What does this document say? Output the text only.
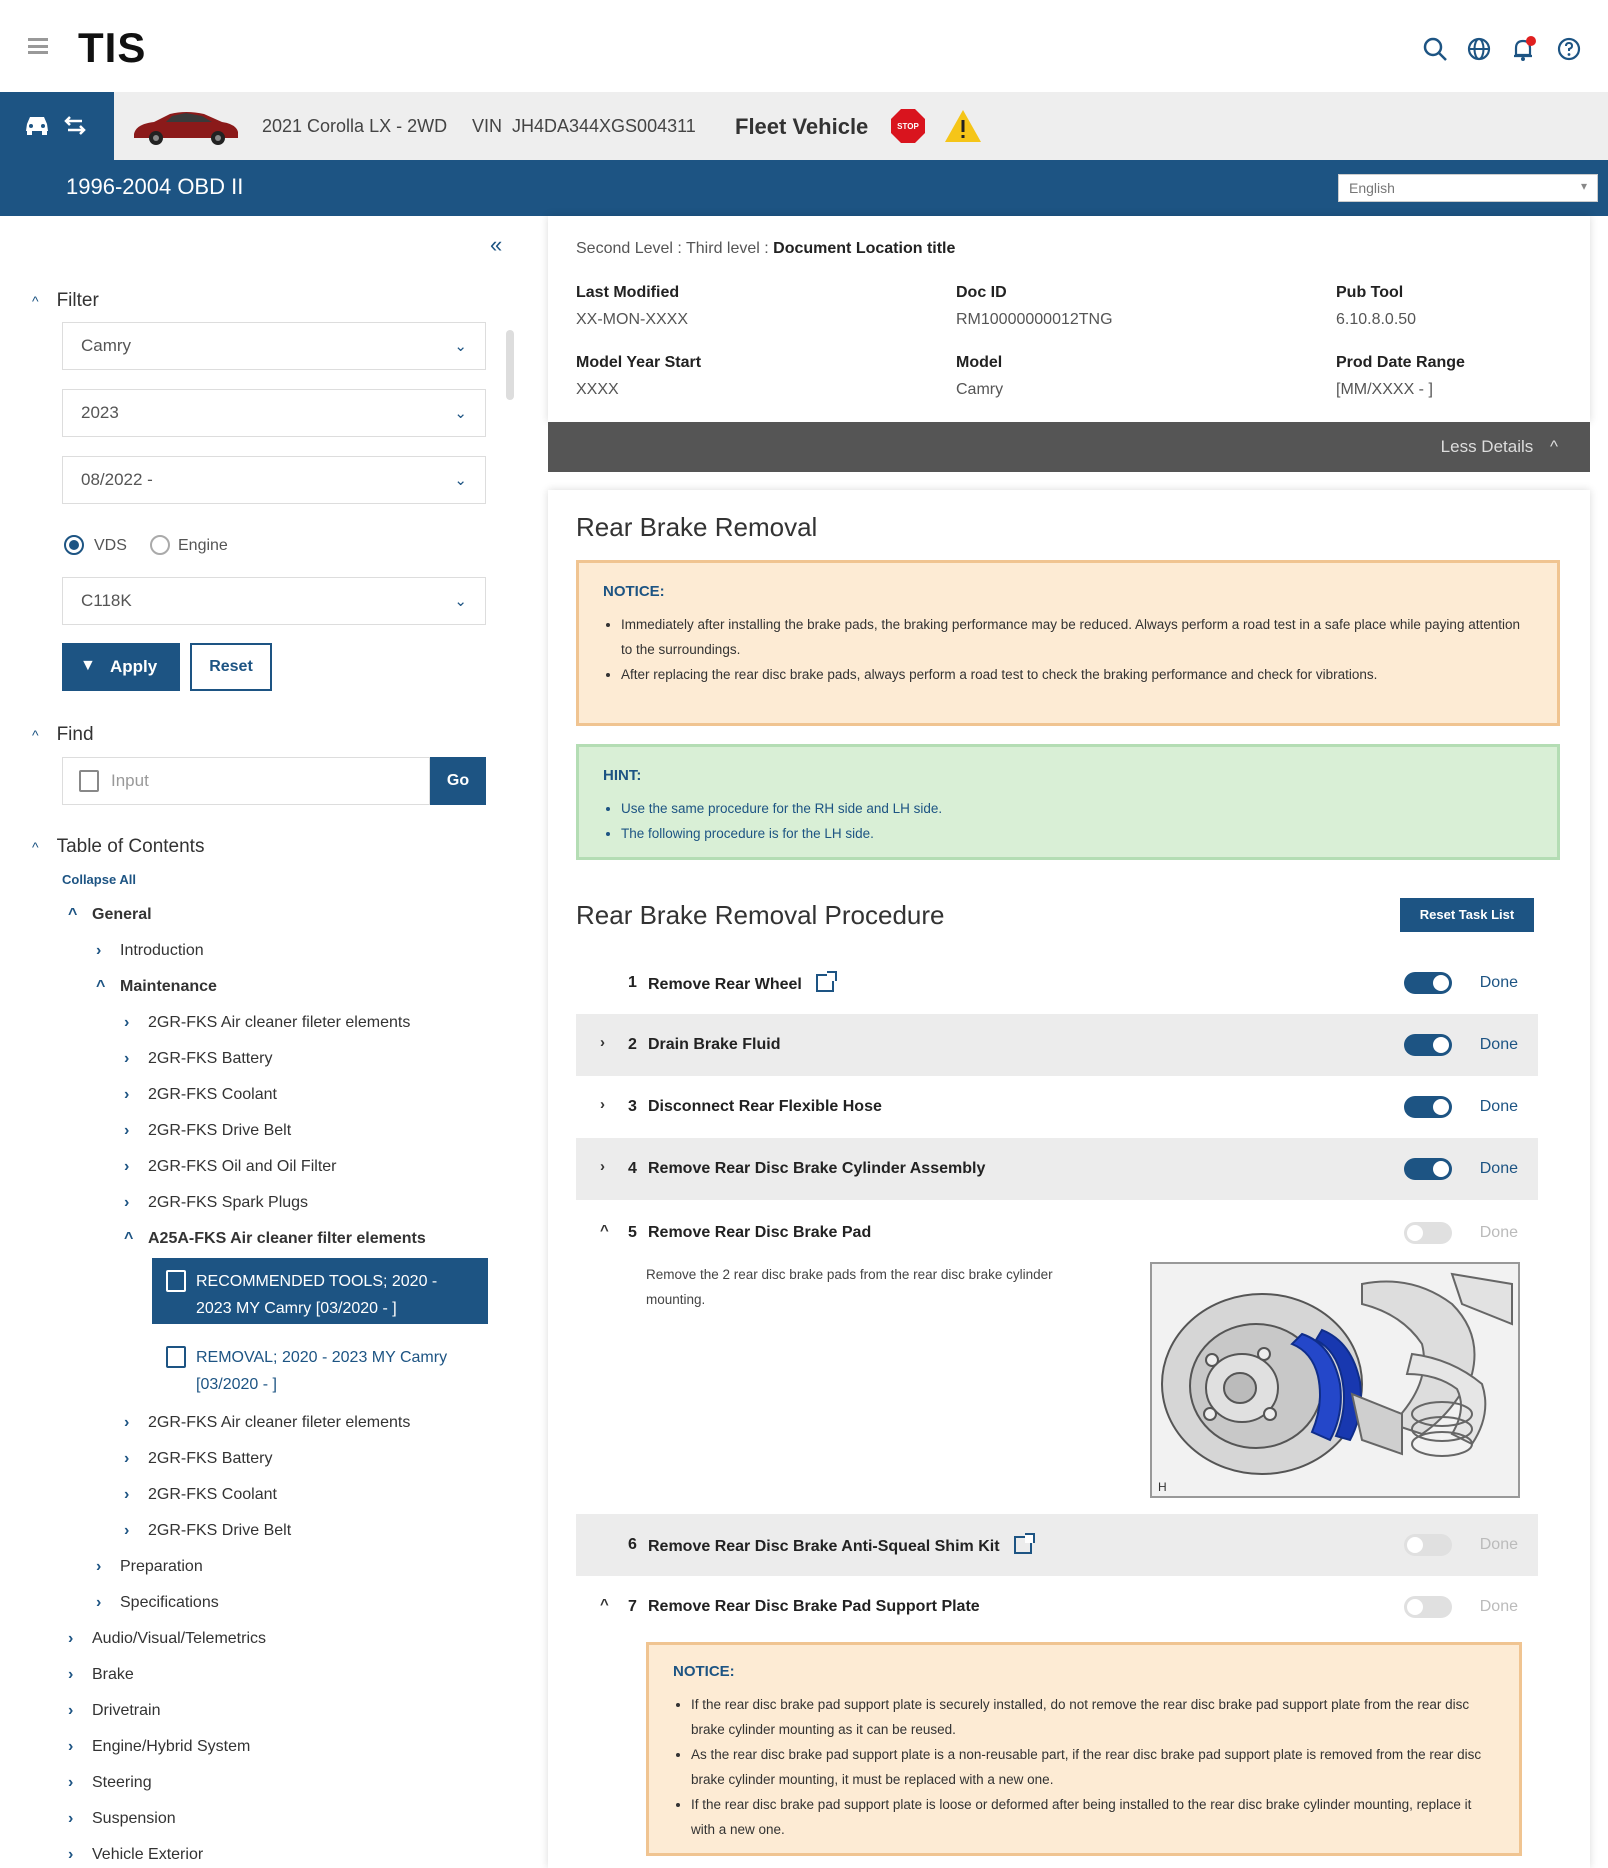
TIS
2021 Corolla LX - 2WD VIN JH4DA344XGS004311 Fleet Vehicle	STOP
1996-2004 OBD II	English	▾
«
^ Filter
Camry	⌄
2023	⌄
08/2022 -	⌄
VDS	Engine
C118K	⌄
▼ Apply	Reset
^ Find
Input	Go
^ Table of Contents
Collapse All
^ General
› Introduction
^ Maintenance
› 2GR-FKS Air cleaner fileter elements
› 2GR-FKS Battery
› 2GR-FKS Coolant
› 2GR-FKS Drive Belt
› 2GR-FKS Oil and Oil Filter
› 2GR-FKS Spark Plugs
^ A25A-FKS Air cleaner filter elements
RECOMMENDED TOOLS; 2020 - 2023 MY Camry [03/2020 - ]
REMOVAL; 2020 - 2023 MY Camry [03/2020 - ]
› 2GR-FKS Air cleaner fileter elements
› 2GR-FKS Battery
› 2GR-FKS Coolant
› 2GR-FKS Drive Belt
› Preparation
› Specifications
› Audio/Visual/Telemetrics
› Brake
› Drivetrain
› Engine/Hybrid System
› Steering
› Suspension
› Vehicle Exterior
Second Level : Third level : Document Location title
Last Modified
XX-MON-XXXX
Doc ID
RM10000000012TNG
Pub Tool
6.10.8.0.50
Model Year Start
XXXX
Model
Camry
Prod Date Range
[MM/XXXX - ]
Less Details ^
Rear Brake Removal
NOTICE:
• Immediately after installing the brake pads, the braking performance may be reduced. Always perform a road test in a safe place while paying attention to the surroundings.
• After replacing the rear disc brake pads, always perform a road test to check the braking performance and check for vibrations.
HINT:
• Use the same procedure for the RH side and LH side.
• The following procedure is for the LH side.
Rear Brake Removal Procedure	Reset Task List
1 Remove Rear Wheel	Done
› 2 Drain Brake Fluid	Done
› 3 Disconnect Rear Flexible Hose	Done
› 4 Remove Rear Disc Brake Cylinder Assembly	Done
^ 5 Remove Rear Disc Brake Pad	Done
Remove the 2 rear disc brake pads from the rear disc brake cylinder mounting.
H
6 Remove Rear Disc Brake Anti-Squeal Shim Kit	Done
^ 7 Remove Rear Disc Brake Pad Support Plate	Done
NOTICE:
• If the rear disc brake pad support plate is securely installed, do not remove the rear disc brake pad support plate from the rear disc brake cylinder mounting as it can be reused.
• As the rear disc brake pad support plate is a non-reusable part, if the rear disc brake pad support plate is removed from the rear disc brake cylinder mounting, it must be replaced with a new one.
• If the rear disc brake pad support plate is loose or deformed after being installed to the rear disc brake cylinder mounting, replace it with a new one.
